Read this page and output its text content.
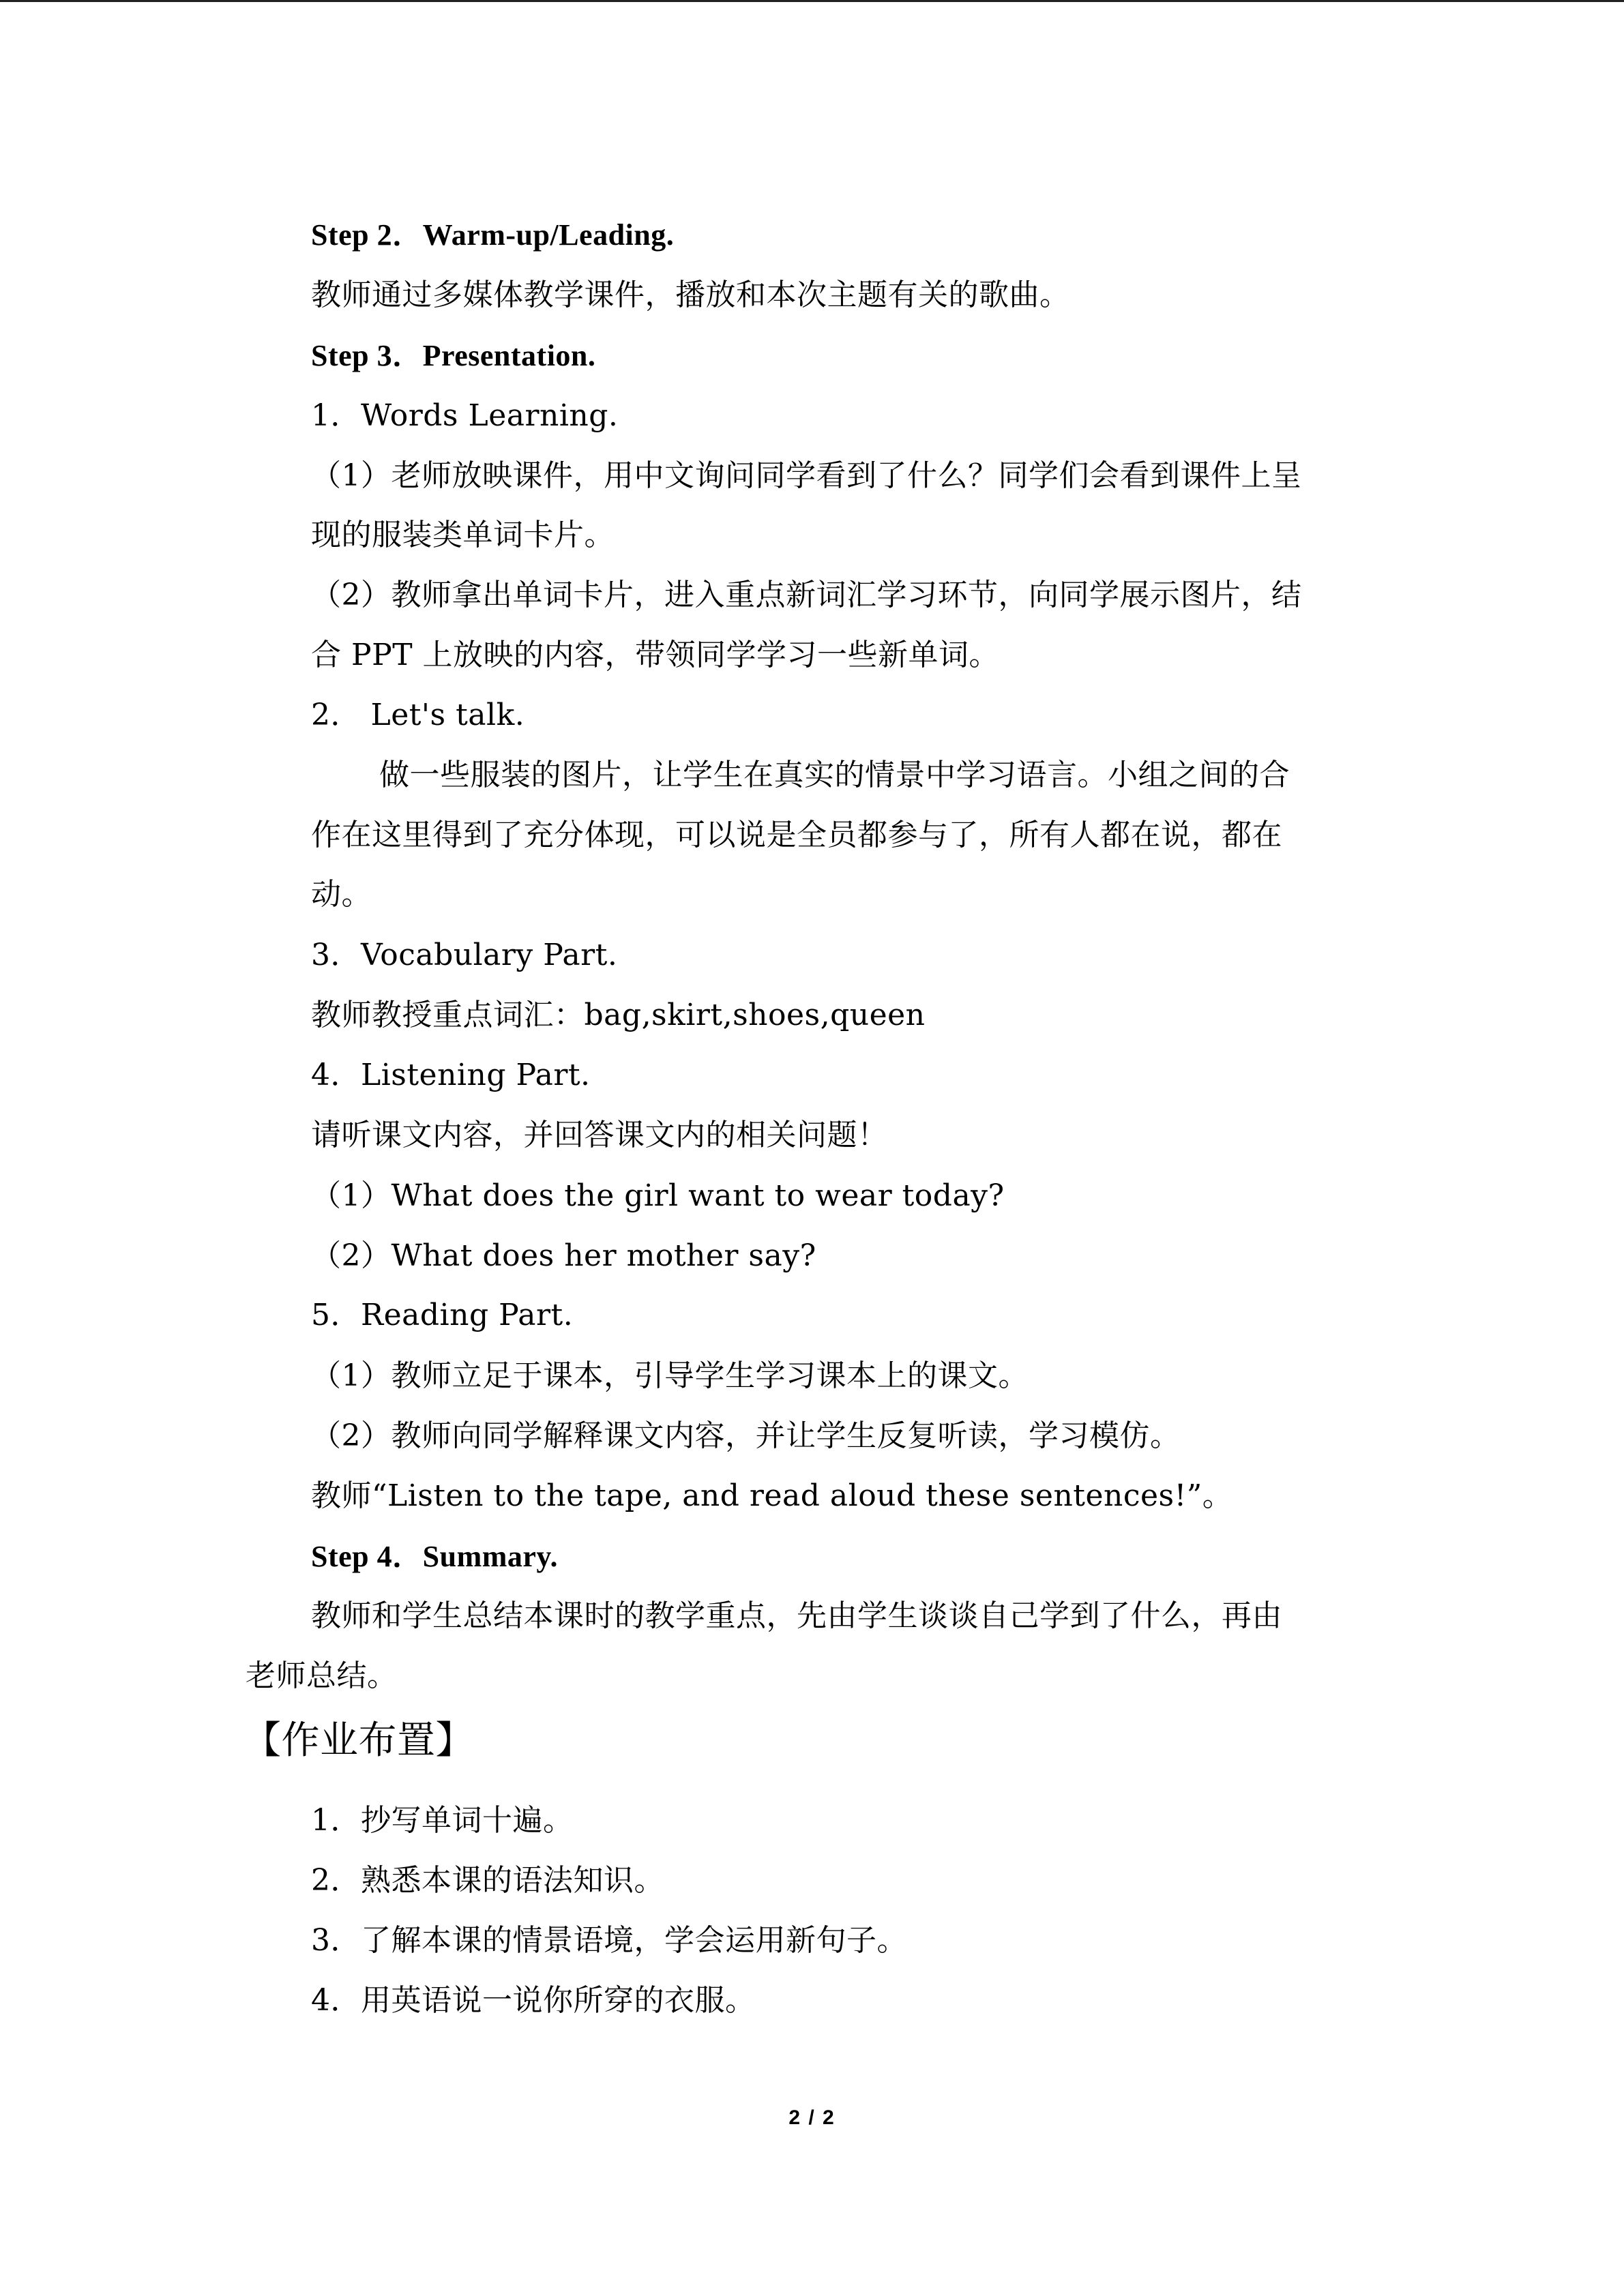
Step 2．Warm-up/Leading.
教师通过多媒体教学课件，播放和本次主题有关的歌曲。
Step 3．Presentation.
1．Words Learning.
（1）老师放映课件，用中文询问同学看到了什么？同学们会看到课件上呈
现的服装类单词卡片。
（2）教师拿出单词卡片，进入重点新词汇学习环节，向同学展示图片，结
合 PPT 上放映的内容，带领同学学习一些新单词。
2． Let's talk.
做一些服装的图片，让学生在真实的情景中学习语言。小组之间的合
作在这里得到了充分体现，可以说是全员都参与了，所有人都在说，都在
动。
3．Vocabulary Part.
教师教授重点词汇：bag,skirt,shoes,queen
4．Listening Part.
请听课文内容，并回答课文内的相关问题！
（1）What does the girl want to wear today?
（2）What does her mother say?
5．Reading Part.
（1）教师立足于课本，引导学生学习课本上的课文。
（2）教师向同学解释课文内容，并让学生反复听读，学习模仿。
教师“Listen to the tape, and read aloud these sentences!”。
Step 4．Summary.
教师和学生总结本课时的教学重点，先由学生谈谈自己学到了什么，再由
老师总结。
【作业布置】
1．抄写单词十遍。
2．熟悉本课的语法知识。
3．了解本课的情景语境，学会运用新句子。
4．用英语说一说你所穿的衣服。
2 / 2
